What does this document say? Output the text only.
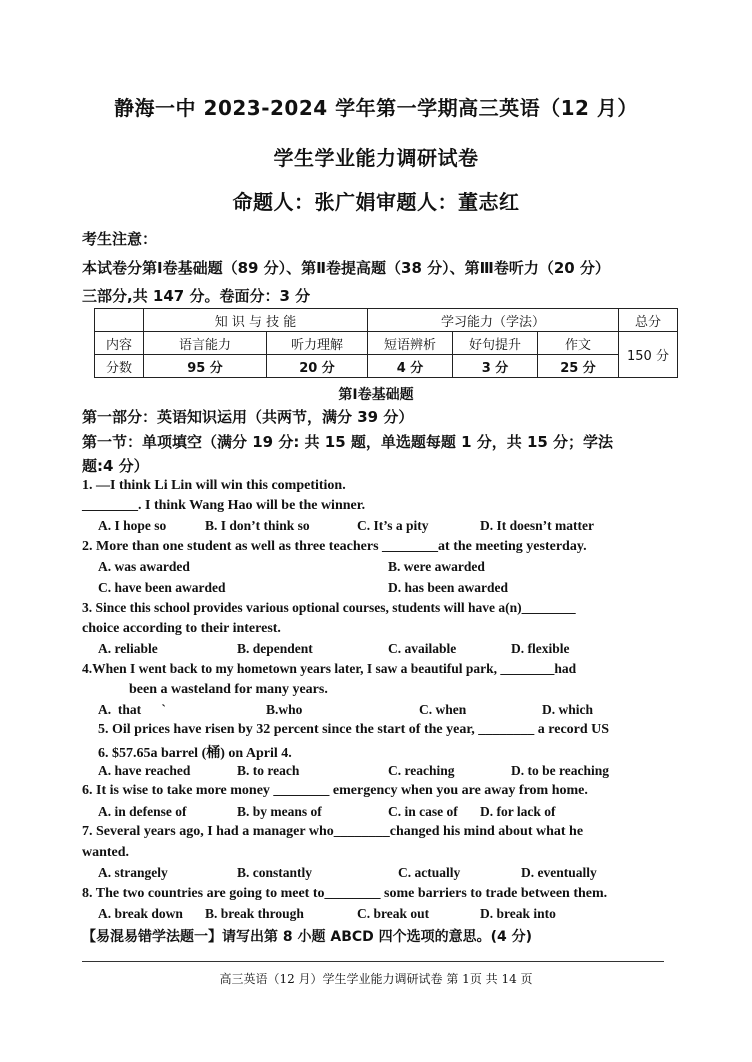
静海一中 2023-2024 学年第一学期高三英语（12 月）
学生学业能力调研试卷
命题人：张广娟审题人：董志红
考生注意：
本试卷分第Ⅰ卷基础题（89 分）、第Ⅱ卷提高题（38 分）、第Ⅲ卷听力（20 分）
三部分,共 147 分。卷面分：3 分
	知 识 与 技 能		学习能力（学法）			总分
内容	语言能力	听力理解	短语辨析	好句提升	作文	150 分
分数	95 分	20 分	4 分	3 分	25 分	
第Ⅰ卷基础题
第一部分：英语知识运用（共两节，满分 39 分）
第一节：单项填空（满分 19 分: 共 15 题，单选题每题 1 分，共 15 分；学法
题:4 分）
1. —I think Li Lin will win this competition.
________. I think Wang Hao will be the winner.
A. I hope so	B. I don’t think so	C. It’s a pity	D. It doesn’t matter
2. More than one student as well as three teachers ________at the meeting yesterday.
A. was awarded	B. were awarded
C. have been awarded	D. has been awarded
3. Since this school provides various optional courses, students will have a(n)________
choice according to their interest.
A. reliable	B. dependent	C. available	D. flexible
4.When I went back to my hometown years later, I saw a beautiful park, ________had
been a wasteland for many years.
A.  that      `	B.who	C. when	D. which
5. Oil prices have risen by 32 percent since the start of the year, ________ a record US
6. $57.65a barrel (桶) on April 4.
A. have reached	B. to reach	C. reaching	D. to be reaching
6. It is wise to take more money ________ emergency when you are away from home.
A. in defense of	B. by means of	C. in case of D. for lack of
7. Several years ago, I had a manager who________changed his mind about what he
wanted.
A. strangely	B. constantly	C. actually	D. eventually
8. The two countries are going to meet to________ some barriers to trade between them.
A. break down B. break through	C. break out	D. break into
【易混易错学法题一】请写出第 8 小题 ABCD 四个选项的意思。(4 分)
高三英语（12 月）学生学业能力调研试卷 第 1页 共 14 页
